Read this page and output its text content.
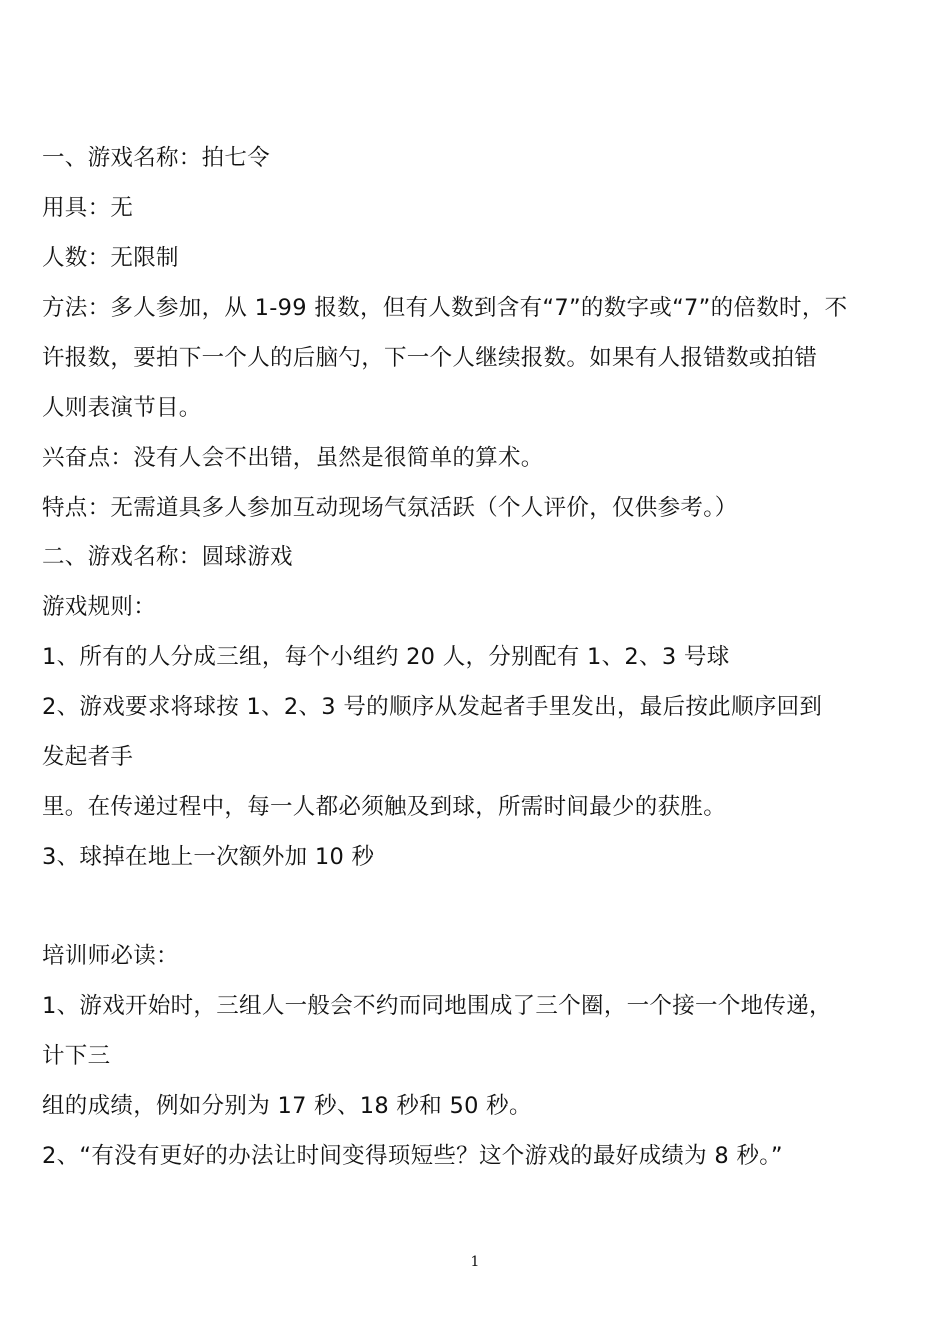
一、游戏名称：拍七令
用具：无
人数：无限制
方法：多人参加，从 1-99 报数，但有人数到含有“7”的数字或“7”的倍数时，不
许报数，要拍下一个人的后脑勺，下一个人继续报数。如果有人报错数或拍错
人则表演节目。
兴奋点：没有人会不出错，虽然是很简单的算术。
特点：无需道具多人参加互动现场气氛活跃（个人评价，仅供参考。）
二、游戏名称：圆球游戏
游戏规则：
1、所有的人分成三组，每个小组约 20 人，分别配有 1、2、3 号球
2、游戏要求将球按 1、2、3 号的顺序从发起者手里发出，最后按此顺序回到
发起者手
里。在传递过程中，每一人都必须触及到球，所需时间最少的获胜。
3、球掉在地上一次额外加 10 秒
培训师必读：
1、游戏开始时，三组人一般会不约而同地围成了三个圈，一个接一个地传递，
计下三
组的成绩，例如分别为 17 秒、18 秒和 50 秒。
2、“有没有更好的办法让时间变得顼短些？这个游戏的最好成绩为 8 秒。”
1
